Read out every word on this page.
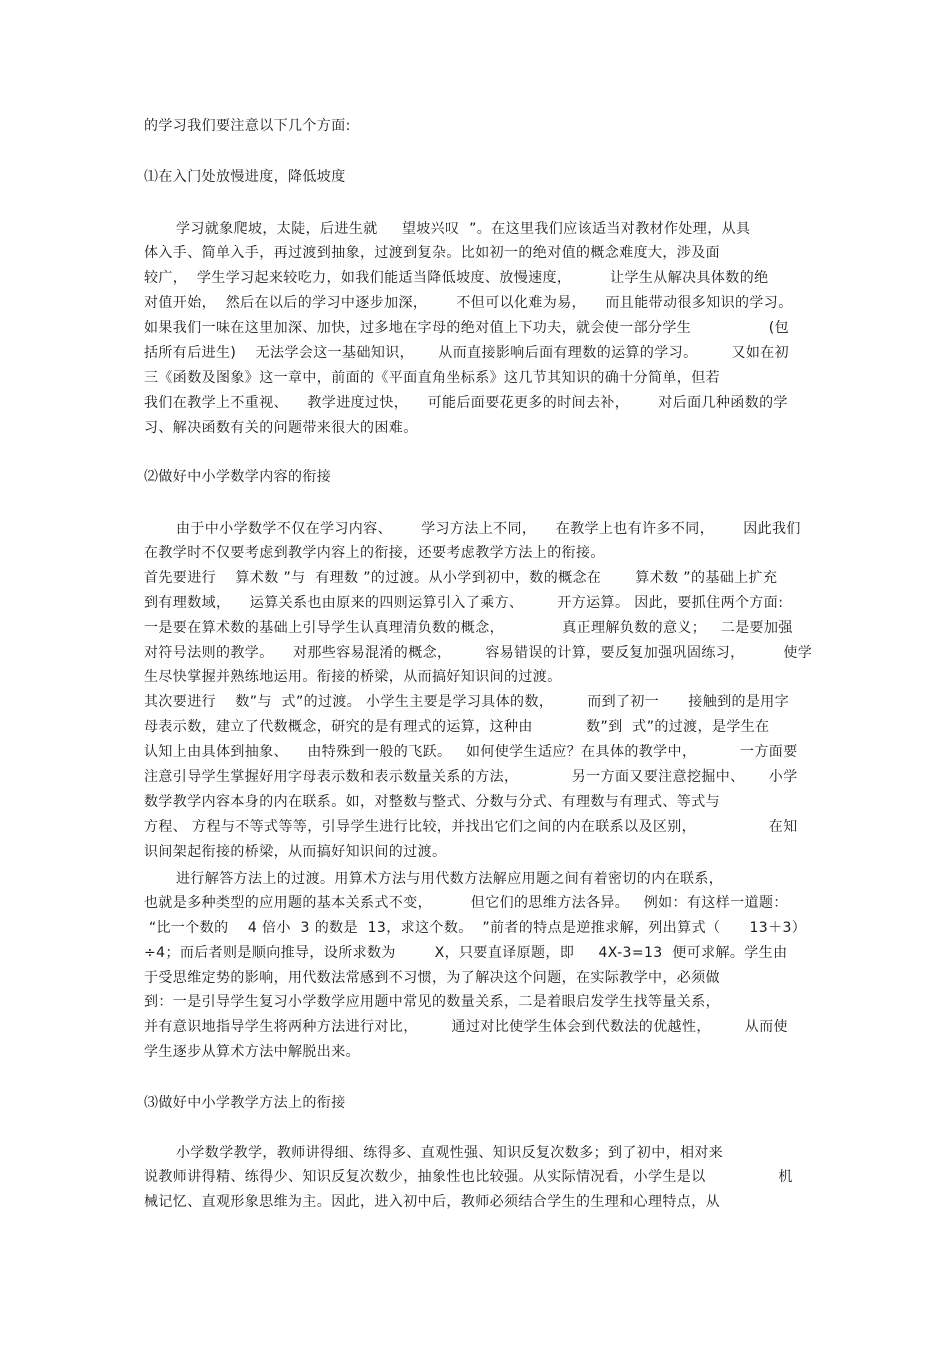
的学习我们要注意以下几个方面:
⑴在入门处放慢进度，降低坡度
学习就象爬坡，太陡，后进生就     望坡兴叹  ”。在这里我们应该适当对教材作处理，从具
体入手、简单入手，再过渡到抽象，过渡到复杂。比如初一的绝对值的概念难度大，涉及面
较广，  学生学习起来较吃力，如我们能适当降低坡度、放慢速度，        让学生从解决具体数的绝
对值开始，  然后在以后的学习中逐步加深，      不但可以化难为易，    而且能带动很多知识的学习。
如果我们一味在这里加深、加快，过多地在字母的绝对值上下功夫，就会使一部分学生                (包
括所有后进生)    无法学会这一基础知识，     从而直接影响后面有理数的运算的学习。       又如在初
三《函数及图象》这一章中，前面的《平面直角坐标系》这几节其知识的确十分简单，但若
我们在教学上不重视、    教学进度过快，    可能后面要花更多的时间去补，      对后面几种函数的学
习、解决函数有关的问题带来很大的困难。
⑵做好中小学数学内容的衔接
由于中小学数学不仅在学习内容、      学习方法上不同，    在教学上也有许多不同，      因此我们
在教学时不仅要考虑到教学内容上的衔接，还要考虑教学方法上的衔接。
首先要进行    算术数 ”与  有理数 ”的过渡。从小学到初中，数的概念在       算术数 ”的基础上扩充
到有理数域，    运算关系也由原来的四则运算引入了乘方、       开方运算。 因此，要抓住两个方面:
一是要在算术数的基础上引导学生认真理清负数的概念，            真正理解负数的意义；   二是要加强
对符号法则的教学。    对那些容易混淆的概念，       容易错误的计算，要反复加强巩固练习，        使学
生尽快掌握并熟练地运用。衔接的桥梁，从而搞好知识间的过渡。
其次要进行    数”与  式”的过渡。 小学生主要是学习具体的数，       而到了初一      接触到的是用字
母表示数，建立了代数概念，研究的是有理式的运算，这种由           数”到  式”的过渡，是学生在
认知上由具体到抽象、    由特殊到一般的飞跃。   如何使学生适应？在具体的教学中，         一方面要
注意引导学生掌握好用字母表示数和表示数量关系的方法，           另一方面又要注意挖掘中、     小学
数学教学内容本身的内在联系。如，对整数与整式、分数与分式、有理数与有理式、等式与
方程、 方程与不等式等等，引导学生进行比较，并找出它们之间的内在联系以及区别，               在知
识间架起衔接的桥梁，从而搞好知识间的过渡。
进行解答方法上的过渡。用算术方法与用代数方法解应用题之间有着密切的内在联系，
也就是多种类型的应用题的基本关系式不变，        但它们的思维方法各异。   例如：有这样一道题：
“比一个数的    4 倍小  3 的数是  13，求这个数。  ”前者的特点是逆推求解，列出算式（      13＋3）
÷4；而后者则是顺向推导，设所求数为        X，只要直译原题，即     4X-3=13  便可求解。学生由
于受思维定势的影响，用代数法常感到不习惯，为了解决这个问题，在实际教学中，必须做
到：一是引导学生复习小学数学应用题中常见的数量关系，二是着眼启发学生找等量关系，
并有意识地指导学生将两种方法进行对比，       通过对比使学生体会到代数法的优越性，       从而使
学生逐步从算术方法中解脱出来。
⑶做好中小学教学方法上的衔接
小学数学教学，教师讲得细、练得多、直观性强、知识反复次数多；到了初中，相对来
说教师讲得精、练得少、知识反复次数少，抽象性也比较强。从实际情况看，小学生是以               机
械记忆、直观形象思维为主。因此，进入初中后，教师必须结合学生的生理和心理特点，从
